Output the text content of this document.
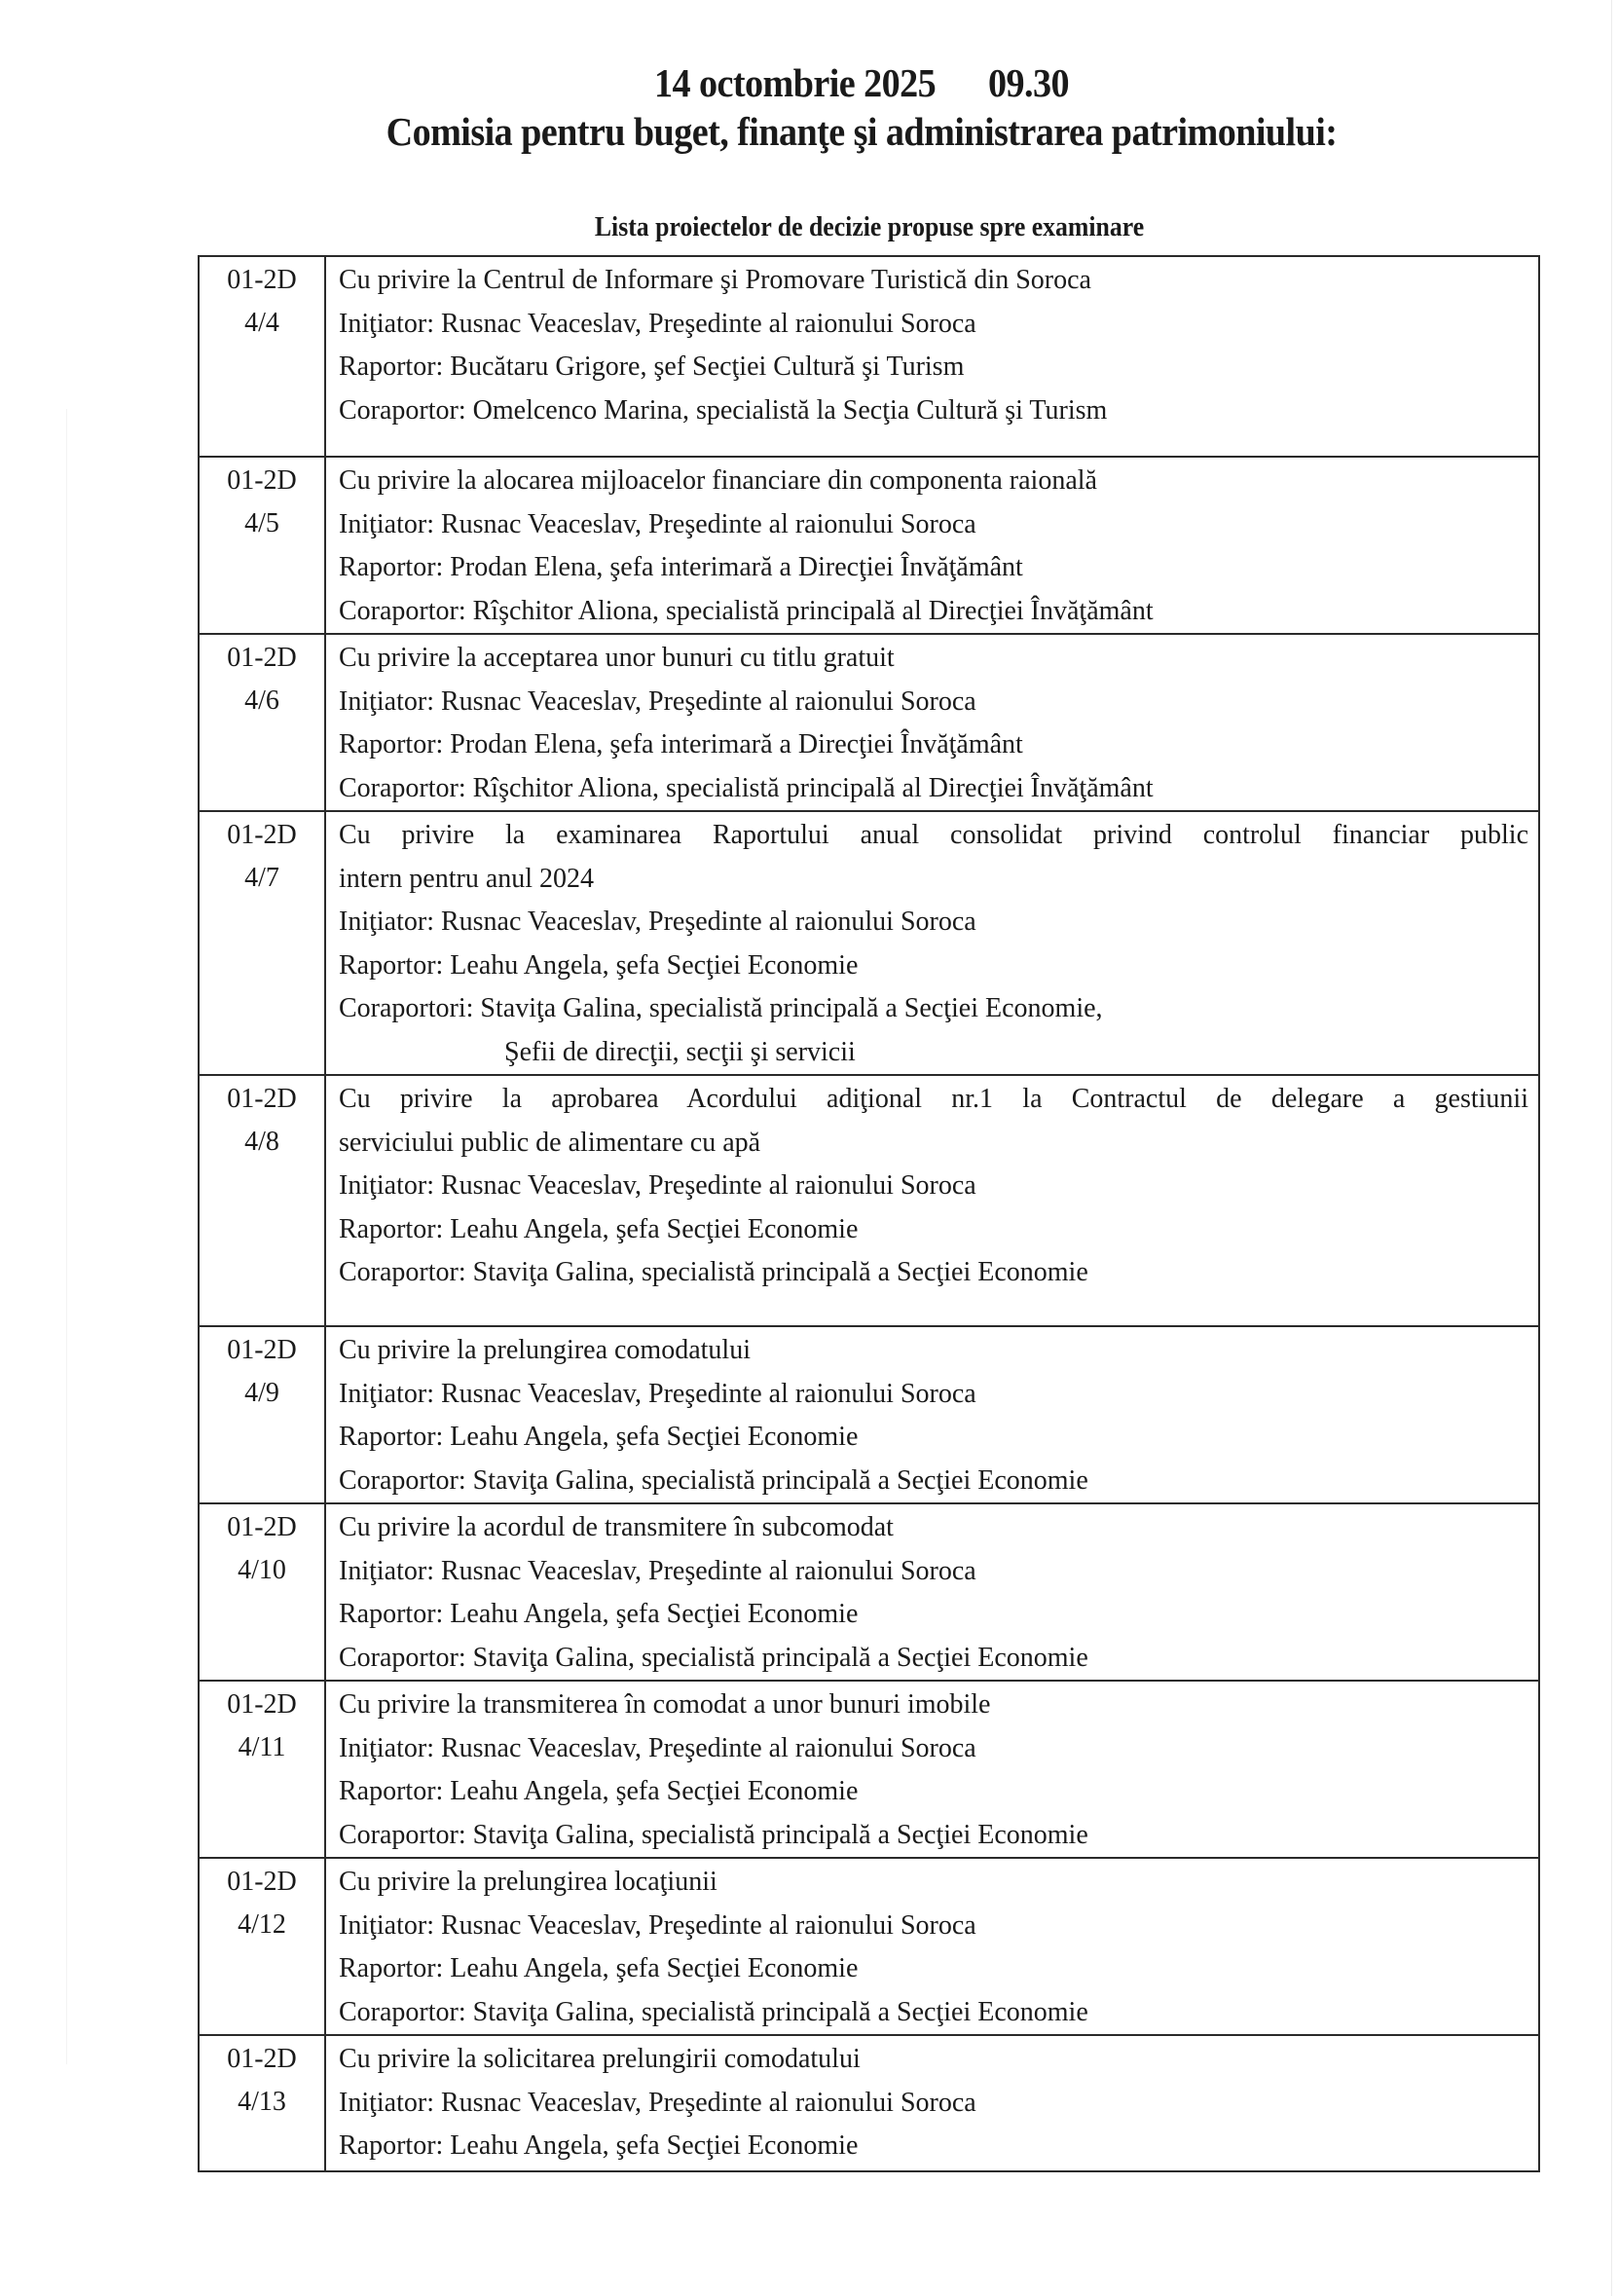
14 octombrie 2025 09.30
Comisia pentru buget, finanţe şi administrarea patrimoniului:
Lista proiectelor de decizie propuse spre examinare
01-2D
4/4	Cu privire la Centrul de Informare şi Promovare Turistică din Soroca
Iniţiator: Rusnac Veaceslav, Preşedinte al raionului Soroca
Raportor: Bucătaru Grigore, şef Secţiei Cultură şi Turism
Coraportor: Omelcenco Marina, specialistă la Secţia Cultură şi Turism

01-2D
4/5	Cu privire la alocarea mijloacelor financiare din componenta raională
Iniţiator: Rusnac Veaceslav, Preşedinte al raionului Soroca
Raportor: Prodan Elena, şefa interimară a Direcţiei Învăţământ
Coraportor: Rîşchitor Aliona, specialistă principală al Direcţiei Învăţământ

01-2D
4/6	Cu privire la acceptarea unor bunuri cu titlu gratuit
Iniţiator: Rusnac Veaceslav, Preşedinte al raionului Soroca
Raportor: Prodan Elena, şefa interimară a Direcţiei Învăţământ
Coraportor: Rîşchitor Aliona, specialistă principală al Direcţiei Învăţământ

01-2D
4/7

Cu privire la examinarea Raportului anual consolidat privind controlul financiar public
intern pentru anul 2024
Iniţiator: Rusnac Veaceslav, Preşedinte al raionului Soroca
Raportor: Leahu Angela, şefa Secţiei Economie
Coraportori: Staviţa Galina, specialistă principală a Secţiei Economie,
Şefii de direcţii, secţii şi servicii

01-2D
4/8	Cu privire la aprobarea Acordului adiţional nr.1 la Contractul de delegare a gestiunii
serviciului public de alimentare cu apă
Iniţiator: Rusnac Veaceslav, Preşedinte al raionului Soroca
Raportor: Leahu Angela, şefa Secţiei Economie
Coraportor: Staviţa Galina, specialistă principală a Secţiei Economie

01-2D
4/9	Cu privire la prelungirea comodatului
Iniţiator: Rusnac Veaceslav, Preşedinte al raionului Soroca
Raportor: Leahu Angela, şefa Secţiei Economie
Coraportor: Staviţa Galina, specialistă principală a Secţiei Economie

01-2D
4/10	Cu privire la acordul de transmitere în subcomodat
Iniţiator: Rusnac Veaceslav, Preşedinte al raionului Soroca
Raportor: Leahu Angela, şefa Secţiei Economie
Coraportor: Staviţa Galina, specialistă principală a Secţiei Economie

01-2D
4/11	Cu privire la transmiterea în comodat a unor bunuri imobile
Iniţiator: Rusnac Veaceslav, Preşedinte al raionului Soroca
Raportor: Leahu Angela, şefa Secţiei Economie
Coraportor: Staviţa Galina, specialistă principală a Secţiei Economie

01-2D
4/12	Cu privire la prelungirea locaţiunii
Iniţiator: Rusnac Veaceslav, Preşedinte al raionului Soroca
Raportor: Leahu Angela, şefa Secţiei Economie
Coraportor: Staviţa Galina, specialistă principală a Secţiei Economie

01-2D
4/13	Cu privire la solicitarea prelungirii comodatului
Iniţiator: Rusnac Veaceslav, Preşedinte al raionului Soroca
Raportor: Leahu Angela, şefa Secţiei Economie
